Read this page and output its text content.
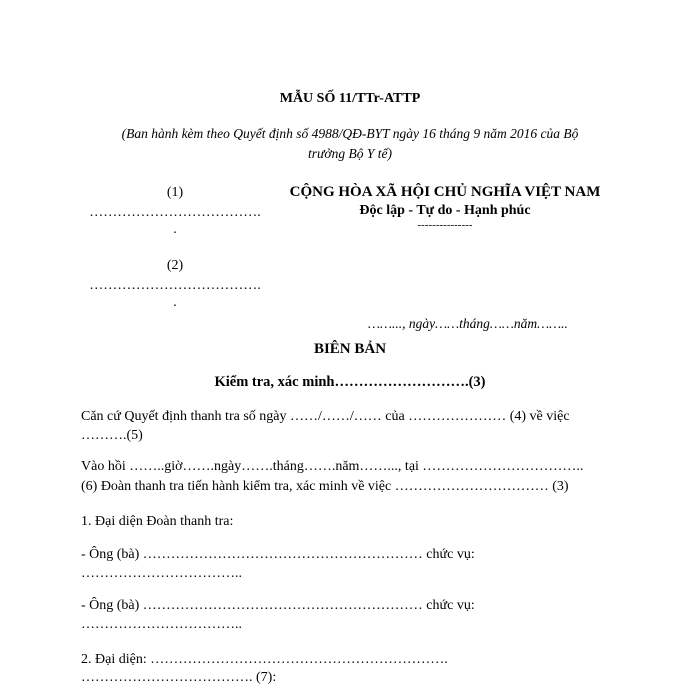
MẪU SỐ 11/TTr-ATTP
(Ban hành kèm theo Quyết định số 4988/QĐ-BYT ngày 16 tháng 9 năm 2016 của Bộ
trưởng Bộ Y tế)
(1)
……………………………….
.
(2)
……………………………….
.
CỘNG HÒA XÃ HỘI CHỦ NGHĨA VIỆT NAM
Độc lập - Tự do - Hạnh phúc
---------------
……..., ngày……tháng……năm……..
BIÊN BẢN
Kiểm tra, xác minh……………………….(3)
Căn cứ Quyết định thanh tra số ngày ……/……/…… của ………………… (4) về việc
……….(5)
Vào hồi ……..giờ…….ngày…….tháng…….năm……..., tại ……………………………..
(6) Đoàn thanh tra tiến hành kiểm tra, xác minh về việc …………………………… (3)
1. Đại diện Đoàn thanh tra:
- Ông (bà) …………………………………………………… chức vụ:
……………………………..
- Ông (bà) …………………………………………………… chức vụ:
……………………………..
2. Đại diện: ……………………………………………………….
………………………………. (7):
